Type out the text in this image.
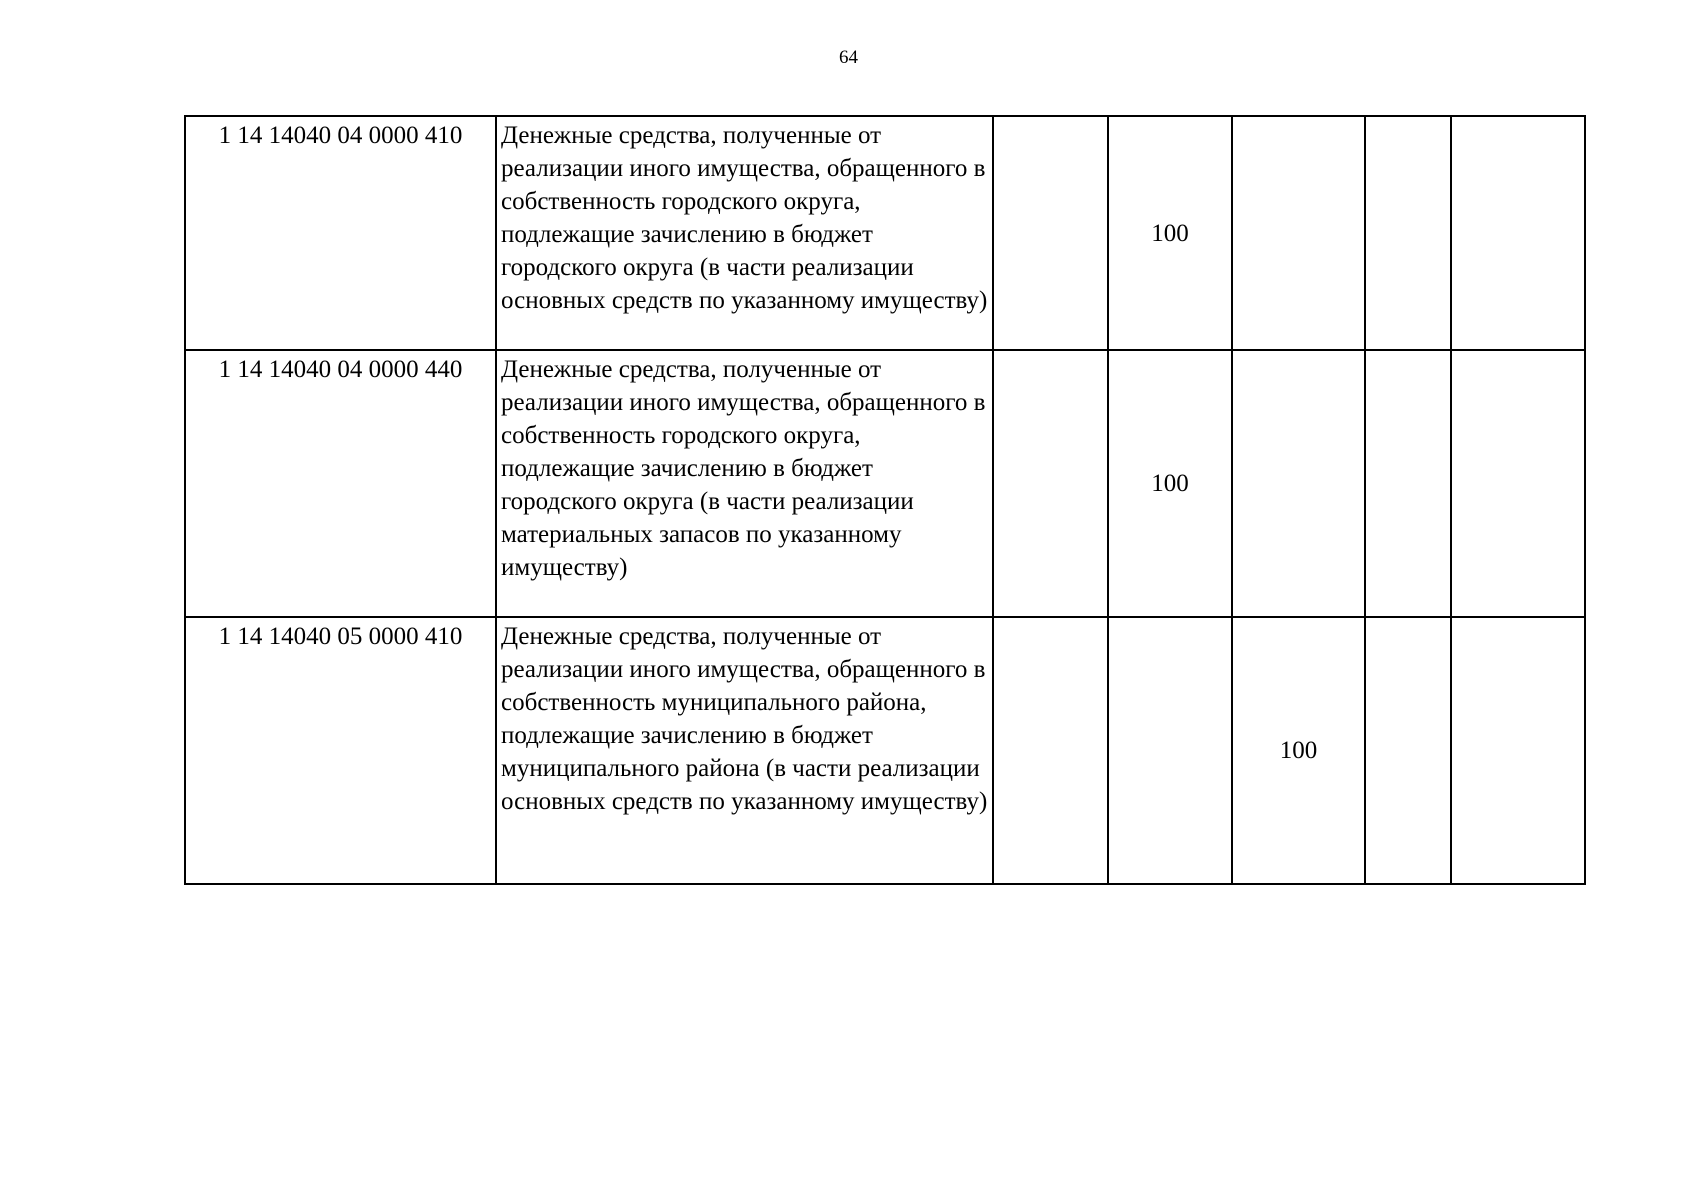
64
1 14 14040 04 0000 410	Денежные средства, полученные от реализации иного имущества, обращенного в собственность городского округа, подлежащие зачислению в бюджет городского округа (в части реализации основных средств по указанному имуществу)		100			
1 14 14040 04 0000 440	Денежные средства, полученные от реализации иного имущества, обращенного в собственность городского округа, подлежащие зачислению в бюджет городского округа (в части реализации материальных запасов по указанному имуществу)		100			
1 14 14040 05 0000 410	Денежные средства, полученные от реализации иного имущества, обращенного в собственность муниципального района, подлежащие зачислению в бюджет муниципального района (в части реализации основных средств по указанному имуществу)			100		
